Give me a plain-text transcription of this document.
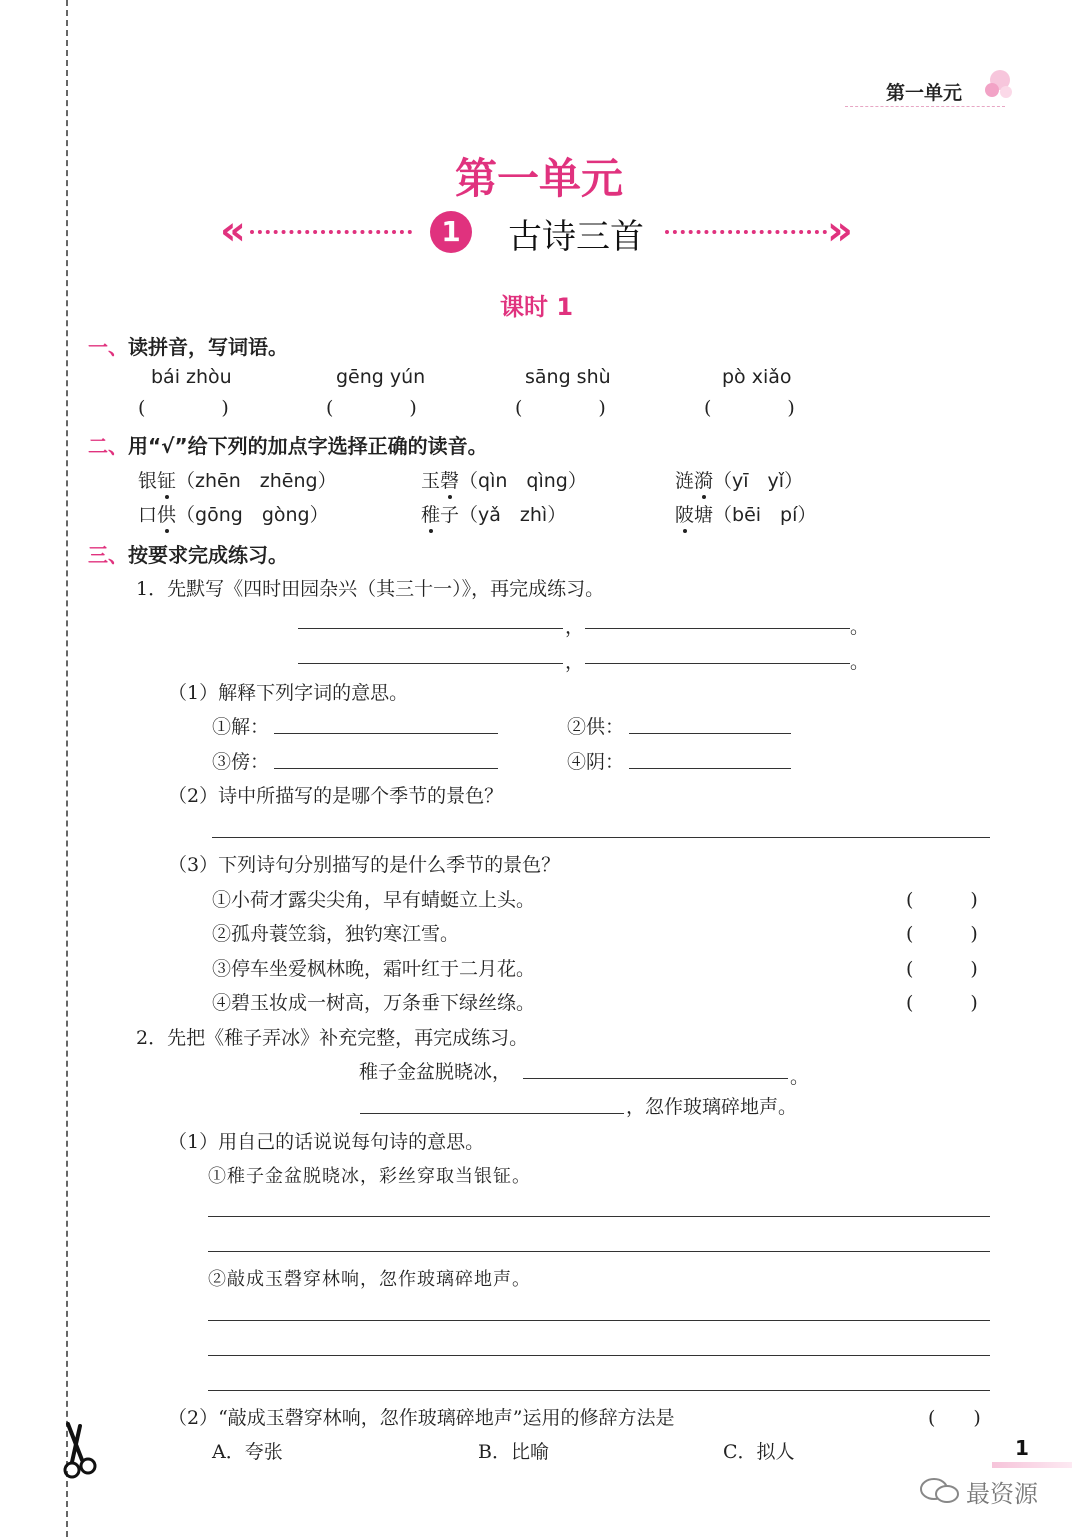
第一单元
第一单元
«	1	古诗三首	»
课时 1
一、读拼音，写词语。
bái zhòu	gēng yún	sāng shù	pò xiǎo
(　　　　)	(　　　　)	(　　　　)	(　　　　)
二、用“√”给下列的加点字选择正确的读音。
银钲（zhēn　zhēng）	玉磬（qìn　qìng）	涟漪（yī　yǐ）
口供（gōng　gòng）	稚子（yǎ　zhì）	陂塘（bēi　pí）
三、按要求完成练习。
1．先默写《四时田园杂兴（其三十一）》，再完成练习。
，	。
，	。
（1）解释下列字词的意思。
①解：	②供：
③傍：	④阴：
（2）诗中所描写的是哪个季节的景色？
（3）下列诗句分别描写的是什么季节的景色？
①小荷才露尖尖角，早有蜻蜓立上头。	(　　　)
②孤舟蓑笠翁，独钓寒江雪。	(　　　)
③停车坐爱枫林晚，霜叶红于二月花。	(　　　)
④碧玉妆成一树高，万条垂下绿丝绦。	(　　　)
2．先把《稚子弄冰》补充完整，再完成练习。
稚子金盆脱晓冰，	。
，忽作玻璃碎地声。
（1）用自己的话说说每句诗的意思。
①稚子金盆脱晓冰，彩丝穿取当银钲。
②敲成玉磬穿林响，忽作玻璃碎地声。
（2）“敲成玉磬穿林响，忽作玻璃碎地声”运用的修辞方法是	(　　)
A．夸张	B．比喻	C．拟人	1
最资源
